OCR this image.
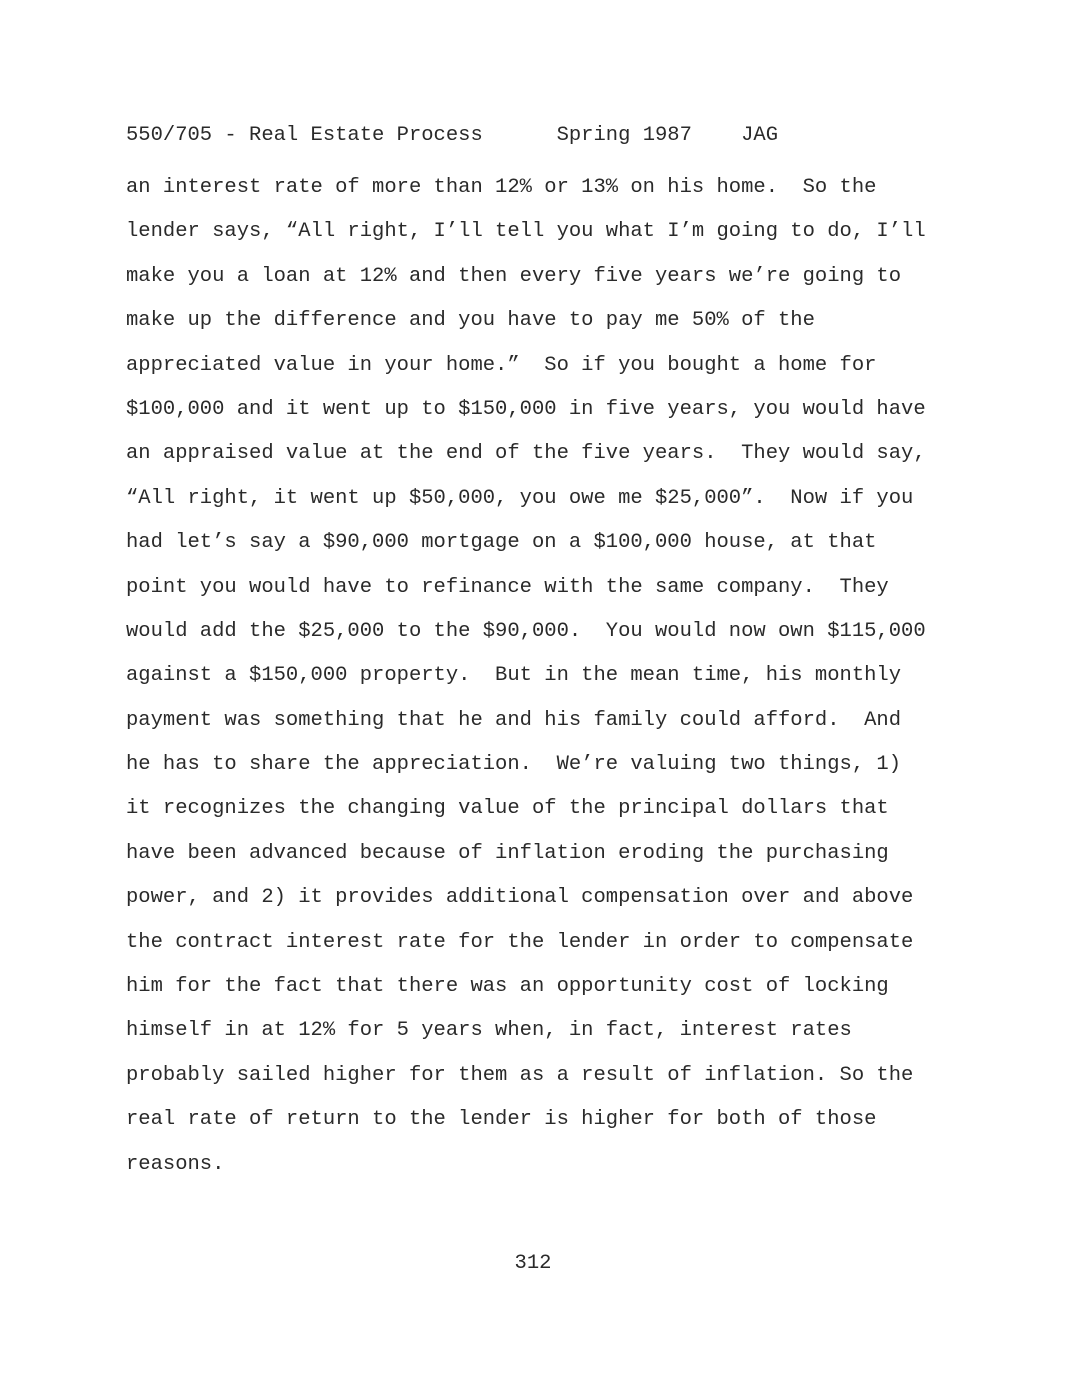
550/705 - Real Estate Process	Spring 1987 JAG
an interest rate of more than 12% or 13% on his home.  So the
lender says, “All right, I’ll tell you what I’m going to do, I’ll
make you a loan at 12% and then every five years we’re going to
make up the difference and you have to pay me 50% of the
appreciated value in your home.”  So if you bought a home for
$100,000 and it went up to $150,000 in five years, you would have
an appraised value at the end of the five years.  They would say,
“All right, it went up $50,000, you owe me $25,000”.  Now if you
had let’s say a $90,000 mortgage on a $100,000 house, at that
point you would have to refinance with the same company.  They
would add the $25,000 to the $90,000.  You would now own $115,000
against a $150,000 property.  But in the mean time, his monthly
payment was something that he and his family could afford.  And
he has to share the appreciation.  We’re valuing two things, 1)
it recognizes the changing value of the principal dollars that
have been advanced because of inflation eroding the purchasing
power, and 2) it provides additional compensation over and above
the contract interest rate for the lender in order to compensate
him for the fact that there was an opportunity cost of locking
himself in at 12% for 5 years when, in fact, interest rates
probably sailed higher for them as a result of inflation. So the
real rate of return to the lender is higher for both of those
reasons.
312
